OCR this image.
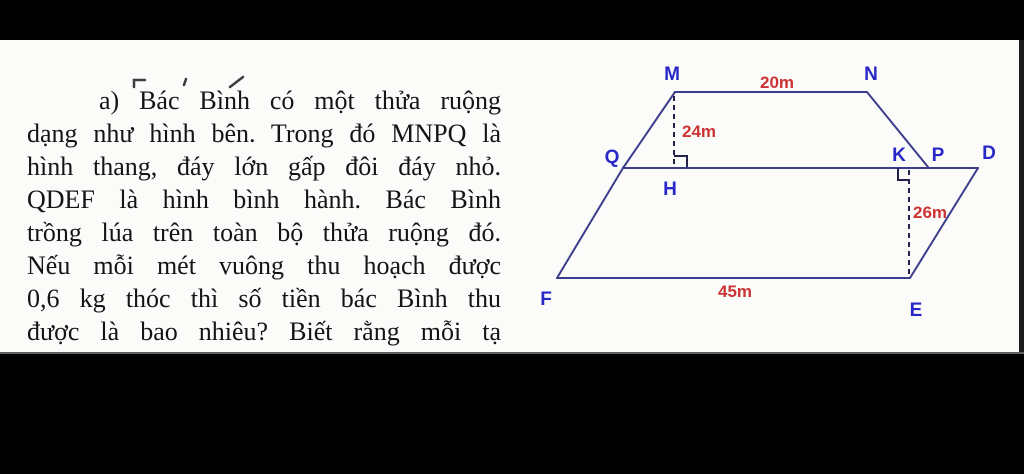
a) Bác Bình có một thửa ruộng
dạng như hình bên. Trong đó MNPQ là
hình thang, đáy lớn gấp đôi đáy nhỏ.
QDEF là hình bình hành. Bác Bình
trồng lúa trên toàn bộ thửa ruộng đó.
Nếu mỗi mét vuông thu hoạch được
0,6 kg thóc thì số tiền bác Bình thu
được là bao nhiêu? Biết rằng mỗi tạ
M	N
Q	K P D
H
F
E
20m
24m
26m
45m
